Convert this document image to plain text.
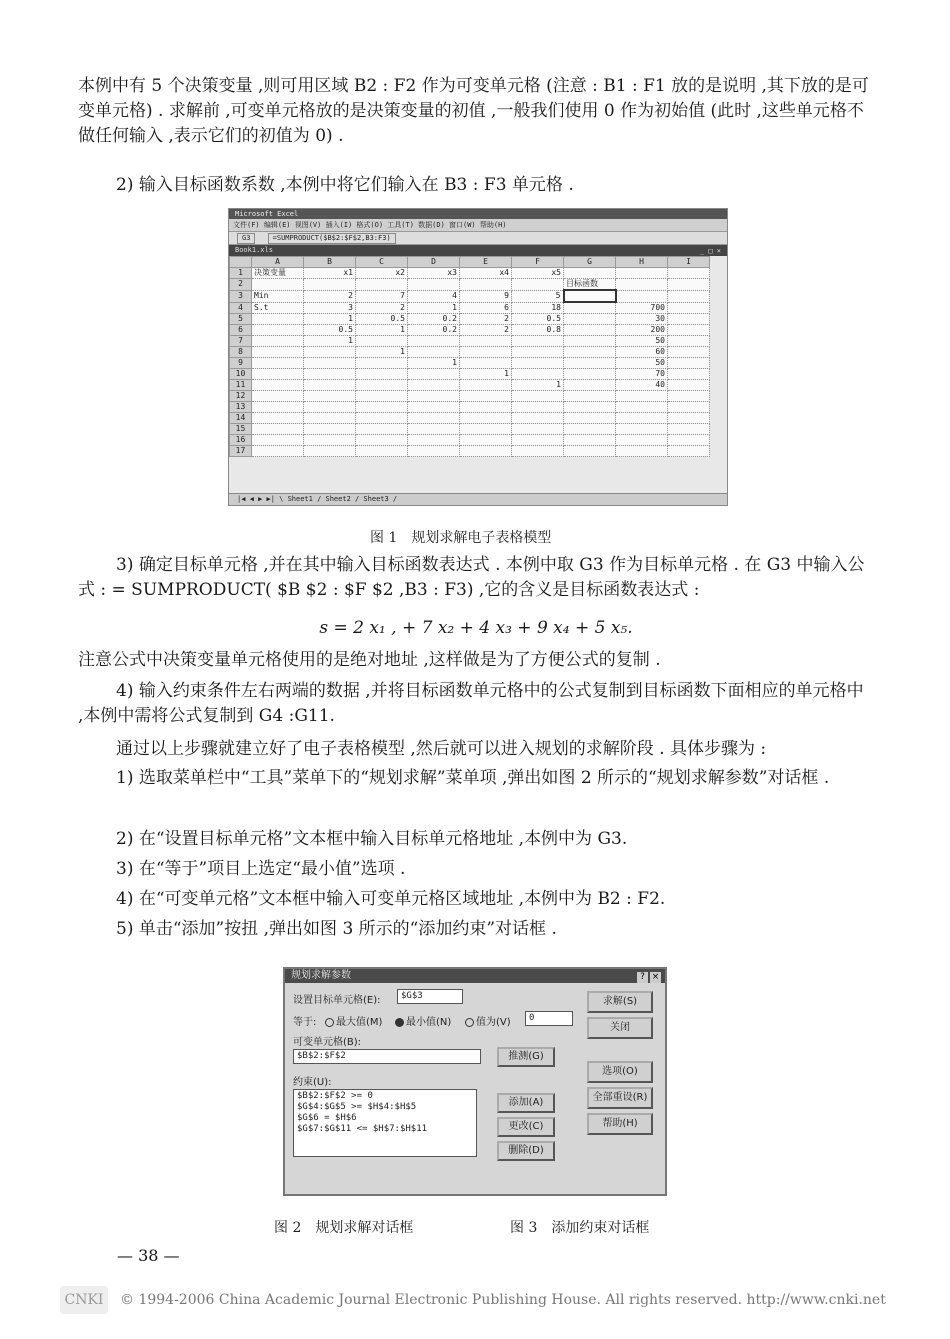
本例中有 5 个决策变量 ,则可用区域 B2 : F2 作为可变单元格 (注意 : B1 : F1 放的是说明 ,其下放的是可变单元格) . 求解前 ,可变单元格放的是决策变量的初值 ,一般我们使用 0 作为初始值 (此时 ,这些单元格不做任何输入 ,表示它们的初值为 0) .

2) 输入目标函数系数 ,本例中将它们输入在 B3 : F3 单元格 .

Microsoft Excel
文件(F) 编辑(E) 视图(V) 插入(I) 格式(O) 工具(T) 数据(D) 窗口(W) 帮助(H)
G3	=SUMPRODUCT($B$2:$F$2,B3:F3)
Book1.xls	_ □ ×
	A	B	C	D	E	F	G	H	I
1	决策变量	x1	x2	x3	x4	x5			
2							目标函数		
3	Min	2	7	4	9	5			
4	S.t	3	2	1	6	18		700	
5		1	0.5	0.2	2	0.5		30	
6		0.5	1	0.2	2	0.8		200	
7		1						50	
8			1					60	
9				1				50	
10					1			70	
11						1		40	
12									
13									
14									
15									
16									
17									
|◀ ◀ ▶ ▶| \ Sheet1 / Sheet2 / Sheet3 /
图 1　规划求解电子表格模型

3) 确定目标单元格 ,并在其中输入目标函数表达式 . 本例中取 G3 作为目标单元格 . 在 G3 中输入公式 : = SUMPRODUCT( $B $2 : $F $2 ,B3 : F3) ,它的含义是目标函数表达式 :

s = 2 x₁ , + 7 x₂ + 4 x₃ + 9 x₄ + 5 x₅.

注意公式中决策变量单元格使用的是绝对地址 ,这样做是为了方便公式的复制 .

4) 输入约束条件左右两端的数据 ,并将目标函数单元格中的公式复制到目标函数下面相应的单元格中 ,本例中需将公式复制到 G4 :G11.

通过以上步骤就建立好了电子表格模型 ,然后就可以进入规划的求解阶段 . 具体步骤为 :

1) 选取菜单栏中“工具”菜单下的“规划求解”菜单项 ,弹出如图 2 所示的“规划求解参数”对话框 .

2) 在“设置目标单元格”文本框中输入目标单元格地址 ,本例中为 G3.

3) 在“等于”项目上选定“最小值”选项 .

4) 在“可变单元格”文本框中输入可变单元格区域地址 ,本例中为 B2 : F2.

5) 单击“添加”按扭 ,弹出如图 3 所示的“添加约束”对话框 .

规划求解参数	? ×
设置目标单元格(E):	$G$3
等于:	最大值(M)	最小值(N)	值为(V)	0
可变单元格(B):
$B$2:$F$2	推测(G)
约束(U):
$B$2:$F$2 >= 0
$G$4:$G$5 >= $H$4:$H$5
$G$6 = $H$6
$G$7:$G$11 <= $H$7:$H$11
添加(A)
更改(C)
删除(D)
求解(S)
关闭
选项(O)
全部重设(R)
帮助(H)
图 2　规划求解对话框	图 3　添加约束对话框
— 38 —
CNKI	© 1994-2006 China Academic Journal Electronic Publishing House. All rights reserved. http://www.cnki.net
